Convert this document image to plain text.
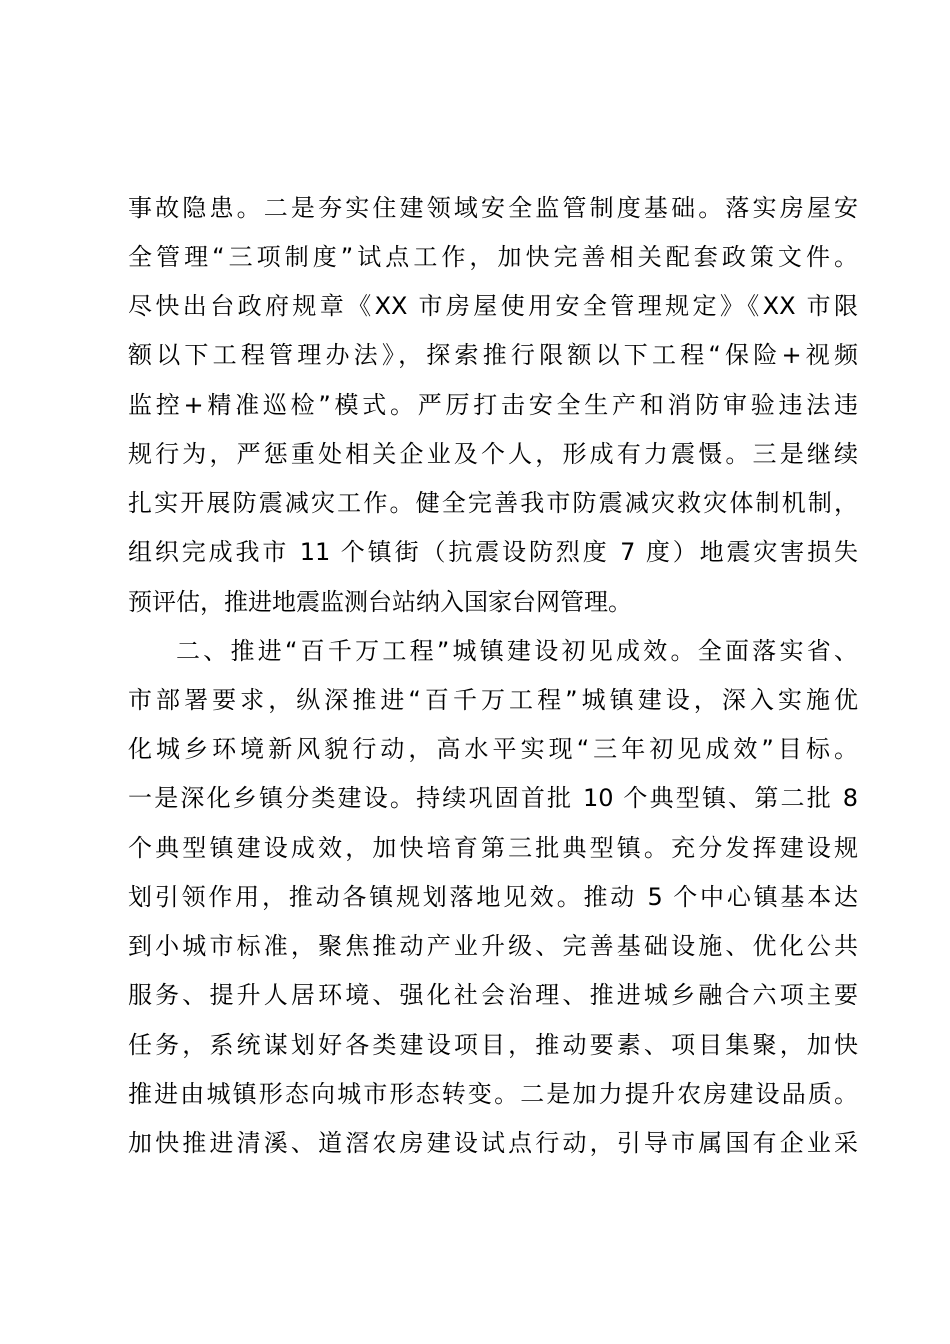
事故隐患。二是夯实住建领域安全监管制度基础。落实房屋安
全管理“三项制度”试点工作，加快完善相关配套政策文件。
尽快出台政府规章《XX 市房屋使用安全管理规定》《XX 市限
额以下工程管理办法》，探索推行限额以下工程“保险+视频
监控+精准巡检”模式。严厉打击安全生产和消防审验违法违
规行为，严惩重处相关企业及个人，形成有力震慑。三是继续
扎实开展防震减灾工作。健全完善我市防震减灾救灾体制机制，
组织完成我市 11 个镇街（抗震设防烈度 7 度）地震灾害损失
预评估，推进地震监测台站纳入国家台网管理。
二、推进“百千万工程”城镇建设初见成效。全面落实省、
市部署要求，纵深推进“百千万工程”城镇建设，深入实施优
化城乡环境新风貌行动，高水平实现“三年初见成效”目标。
一是深化乡镇分类建设。持续巩固首批 10 个典型镇、第二批 8
个典型镇建设成效，加快培育第三批典型镇。充分发挥建设规
划引领作用，推动各镇规划落地见效。推动 5 个中心镇基本达
到小城市标准，聚焦推动产业升级、完善基础设施、优化公共
服务、提升人居环境、强化社会治理、推进城乡融合六项主要
任务，系统谋划好各类建设项目，推动要素、项目集聚，加快
推进由城镇形态向城市形态转变。二是加力提升农房建设品质。
加快推进清溪、道滘农房建设试点行动，引导市属国有企业采
